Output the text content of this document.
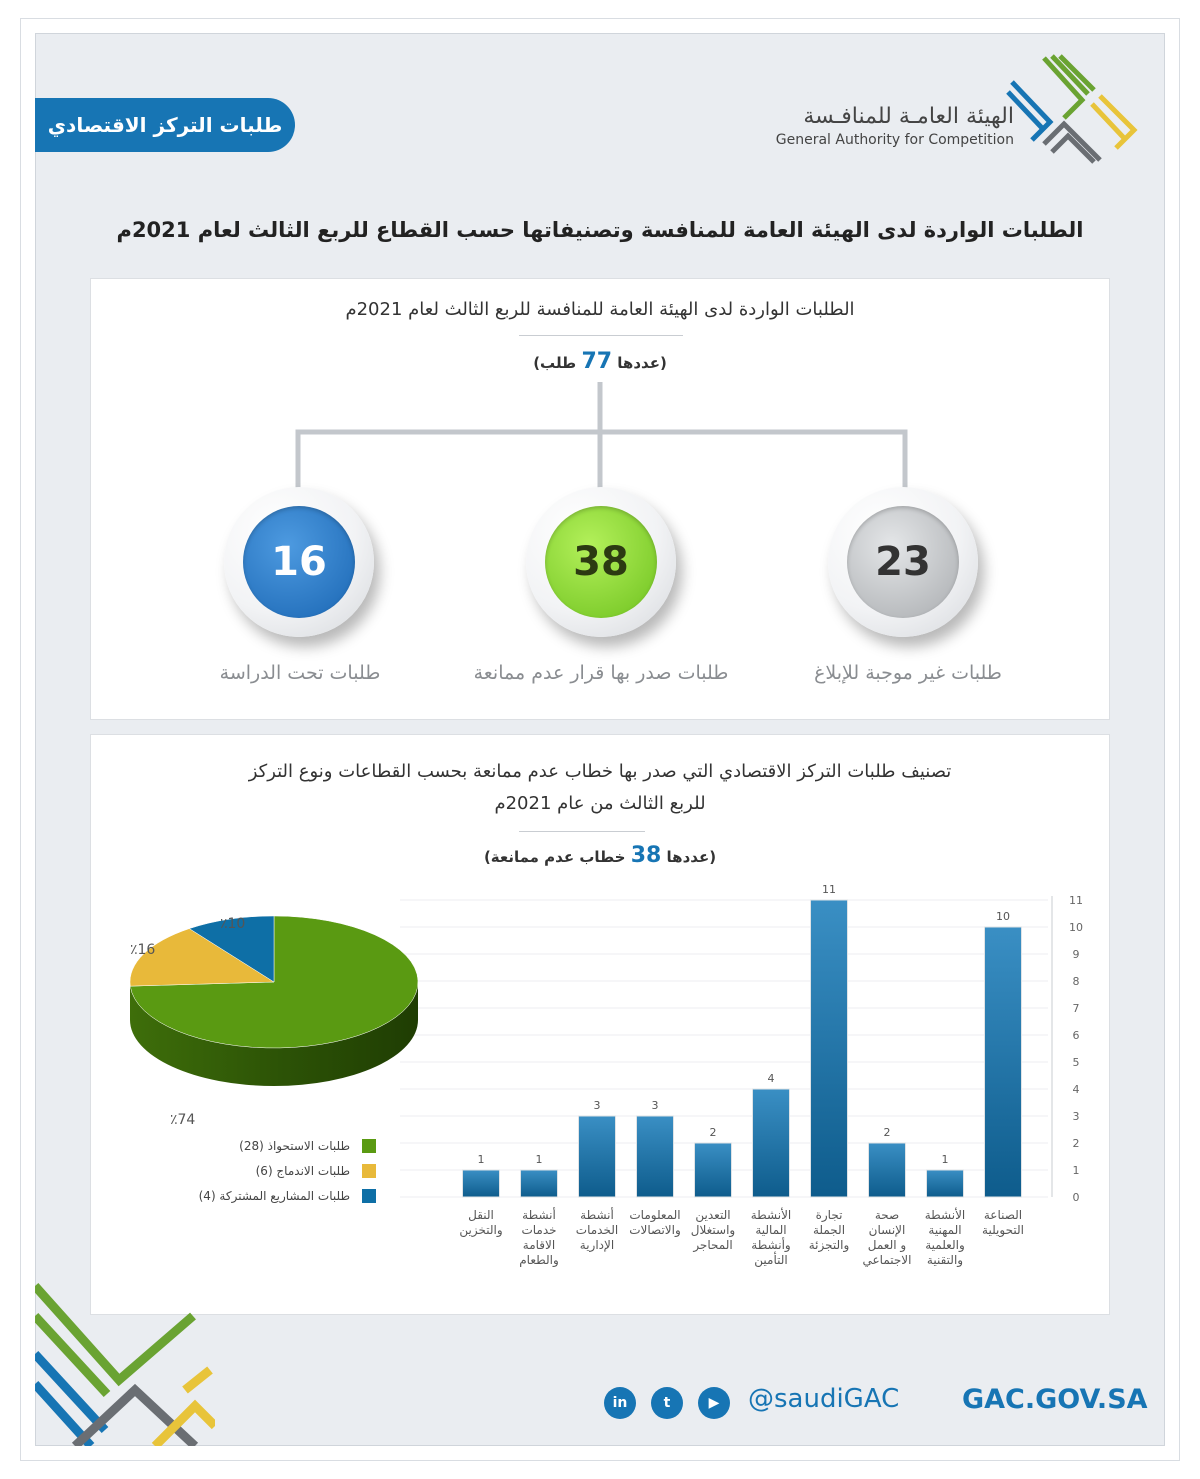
طلبات التركز الاقتصادي	الهيئة العامـة للمنافـسة
General Authority for Competition
الطلبات الواردة لدى الهيئة العامة للمنافسة وتصنيفاتها حسب القطاع للربع الثالث لعام 2021م
الطلبات الواردة لدى الهيئة العامة للمنافسة للربع الثالث لعام 2021م
(عددها 77 طلب)
23
38
16
طلبات غير موجبة للإبلاغ
طلبات صدر بها قرار عدم ممانعة
طلبات تحت الدراسة
تصنيف طلبات التركز الاقتصادي التي صدر بها خطاب عدم ممانعة بحسب القطاعات ونوع التركز
للربع الثالث من عام 2021م
(عددها 38 خطاب عدم ممانعة)
0
1
2
3
4
5
6
7
8
9
10
11
10
الصناعة التحويلية
1
الأنشطة المهنية والعلمية والتقنية
2
صحة الإنسان و العمل الاجتماعي
11
تجارة الجملة والتجزئة
4
الأنشطة المالية وأنشطة التأمين
2
التعدين واستغلال المحاجر
3
المعلومات والاتصالات
3
أنشطة الخدمات الإدارية
1
أنشطة خدمات الاقامة والطعام
1
النقل والتخزين
٪74
٪16
٪10
طلبات الاستحواذ (28)
طلبات الاندماج (6)
طلبات المشاريع المشتركة (4)
in	t	▶	@saudiGAC GAC.GOV.SA
